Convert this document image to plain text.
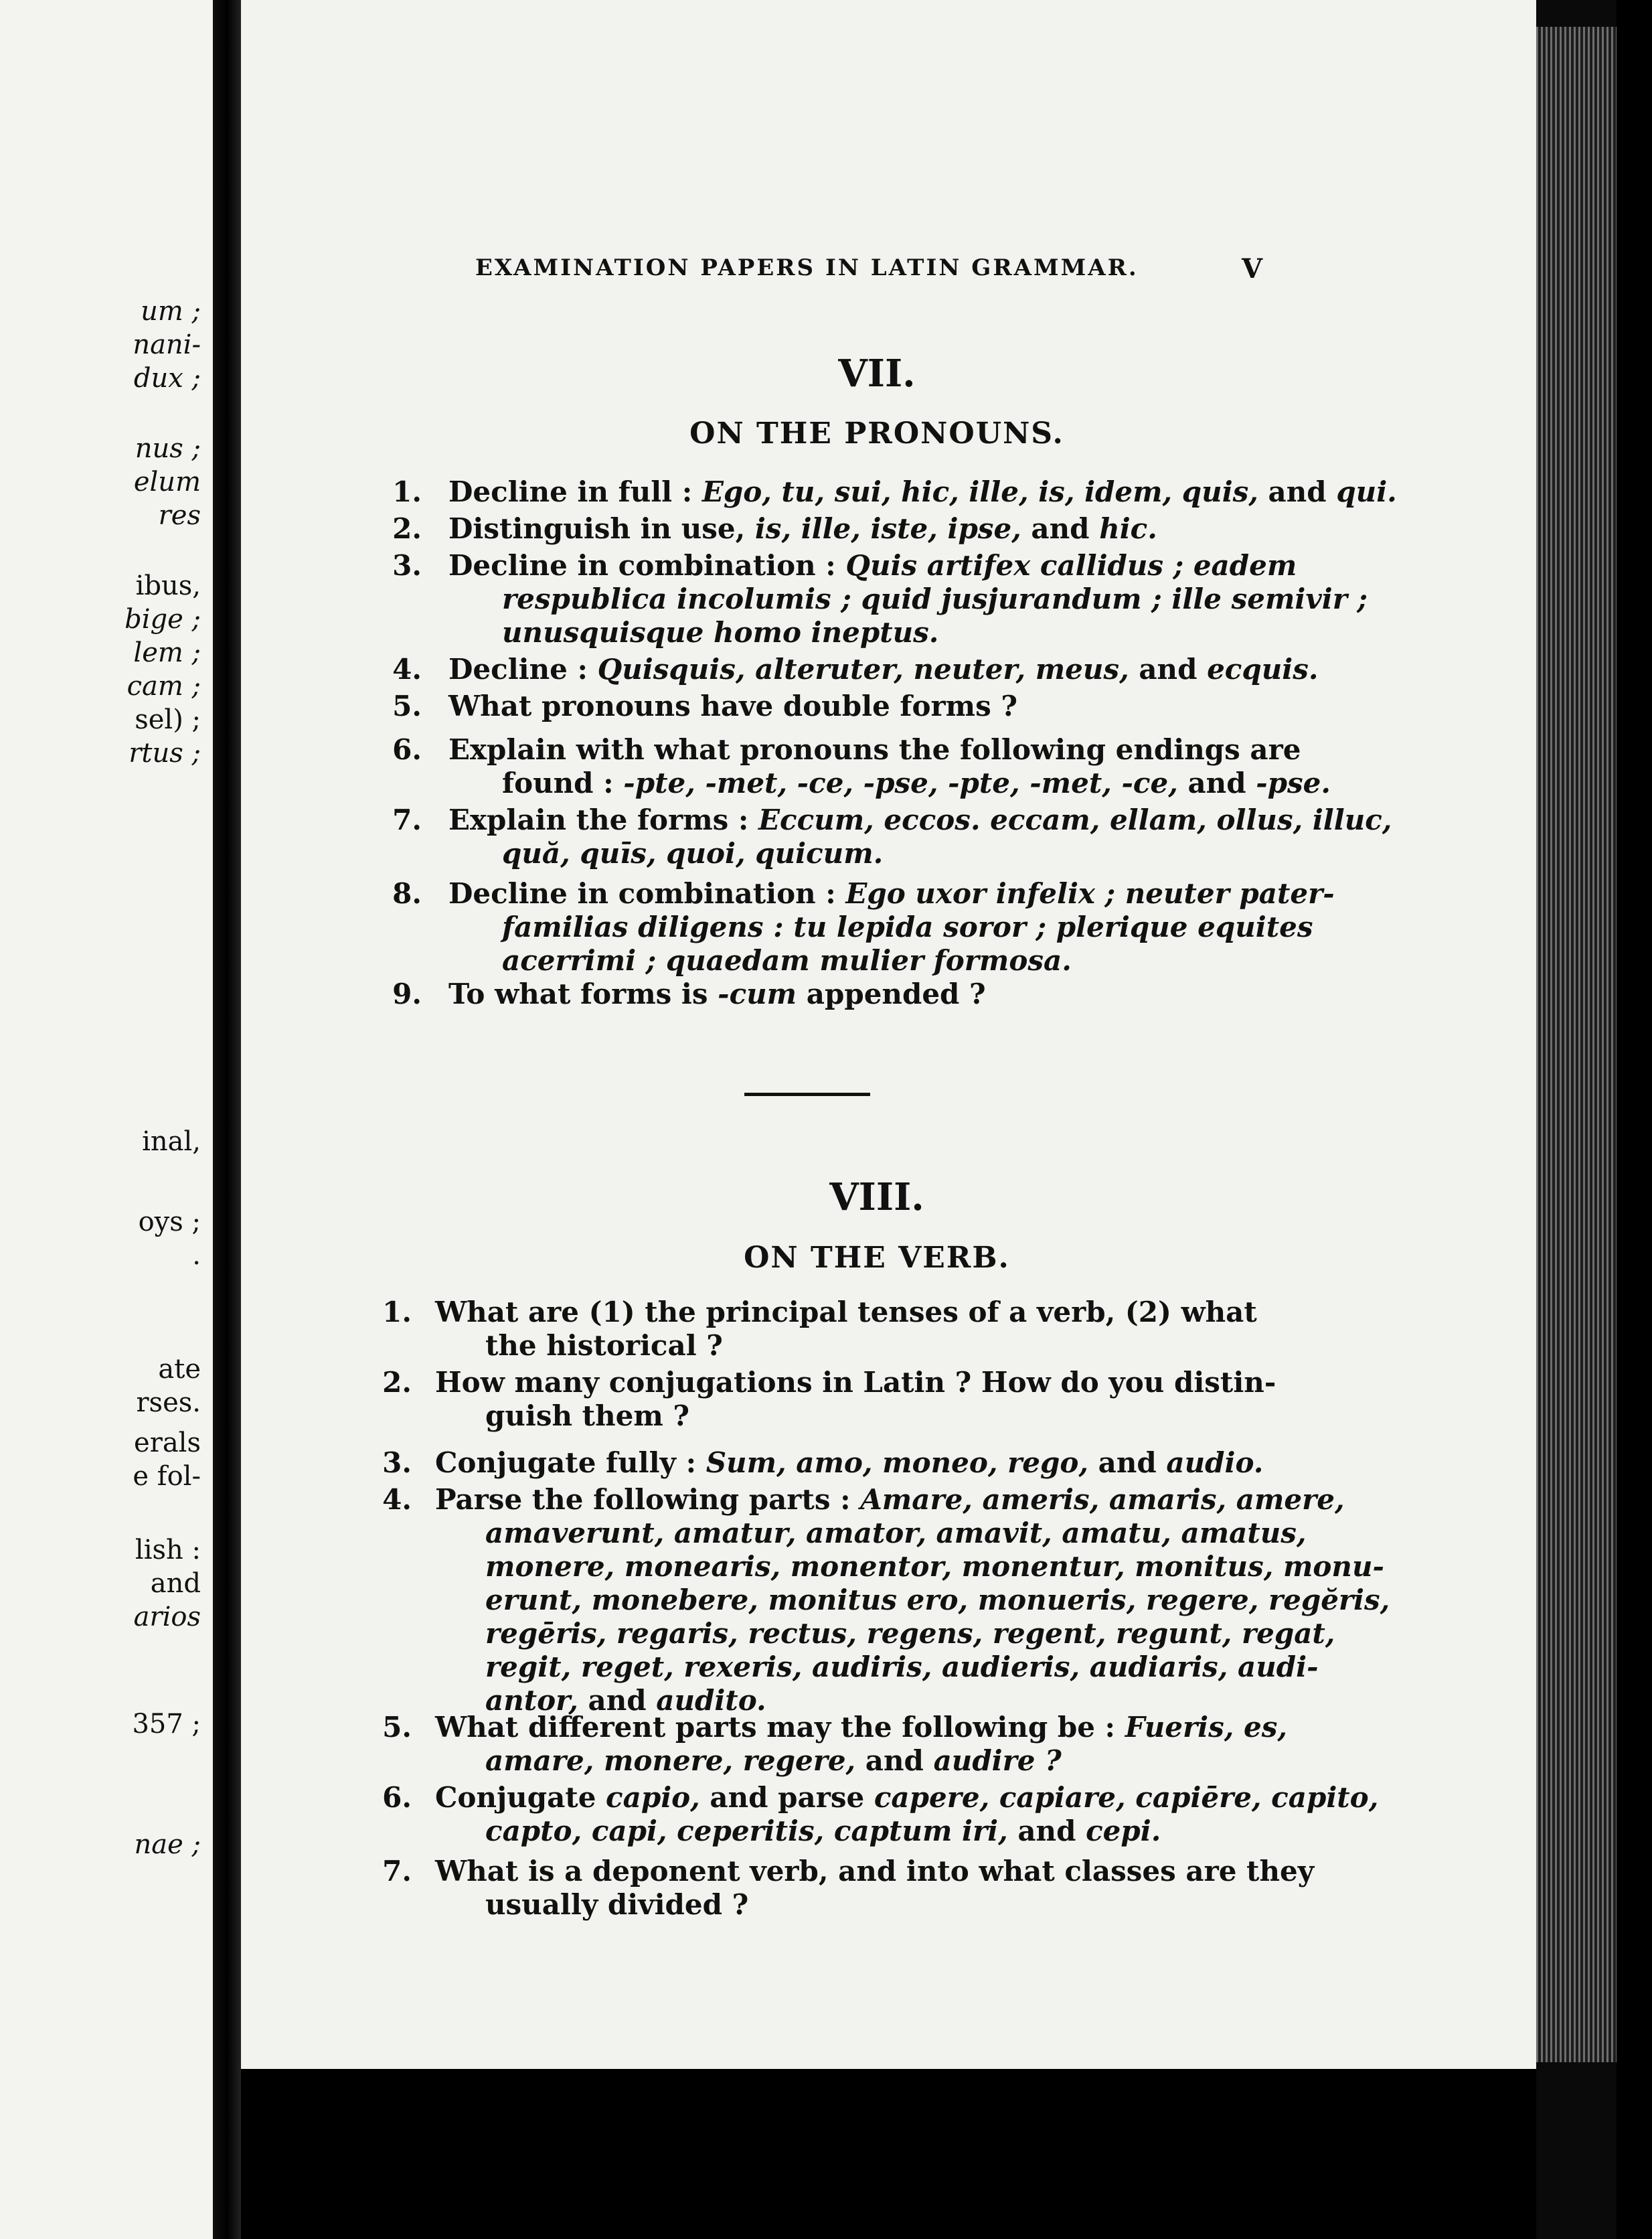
um ;
nani-
dux ;
nus ;
elum
res
ibus,
bige ;
lem ;
cam ;
sel) ;
rtus ;
inal,
oys ;
.
ate
rses.
erals
e fol-
lish :
and
arios
357 ;
nae ;
EXAMINATION PAPERS IN LATIN GRAMMAR.	V
VII.
ON THE PRONOUNS.
1. Decline in full : Ego, tu, sui, hic, ille, is, idem, quis, and qui.
2. Distinguish in use, is, ille, iste, ipse, and hic.
3. Decline in combination : Quis artifex callidus ; eadem
respublica incolumis ; quid jusjurandum ; ille semivir ;
unusquisque homo ineptus.
4. Decline : Quisquis, alteruter, neuter, meus, and ecquis.
5. What pronouns have double forms ?
6. Explain with what pronouns the following endings are
found : -pte, -met, -ce, -pse, -pte, -met, -ce, and -pse.
7. Explain the forms : Eccum, eccos. eccam, ellam, ollus, illuc,
quă, quīs, quoi, quicum.
8. Decline in combination : Ego uxor infelix ; neuter pater-
familias diligens : tu lepida soror ; plerique equites
acerrimi ; quaedam mulier formosa.
9. To what forms is -cum appended ?
VIII.
ON THE VERB.
1. What are (1) the principal tenses of a verb, (2) what
the historical ?
2. How many conjugations in Latin ? How do you distin-
guish them ?
3. Conjugate fully : Sum, amo, moneo, rego, and audio.
4. Parse the following parts : Amare, ameris, amaris, amere,
amaverunt, amatur, amator, amavit, amatu, amatus,
monere, monearis, monentor, monentur, monitus, monu-
erunt, monebere, monitus ero, monueris, regere, regĕris,
regēris, regaris, rectus, regens, regent, regunt, regat,
regit, reget, rexeris, audiris, audieris, audiaris, audi-
antor, and audito.
5. What different parts may the following be : Fueris, es,
amare, monere, regere, and audire ?
6. Conjugate capio, and parse capere, capiare, capiēre, capito,
capto, capi, ceperitis, captum iri, and cepi.
7. What is a deponent verb, and into what classes are they
usually divided ?
